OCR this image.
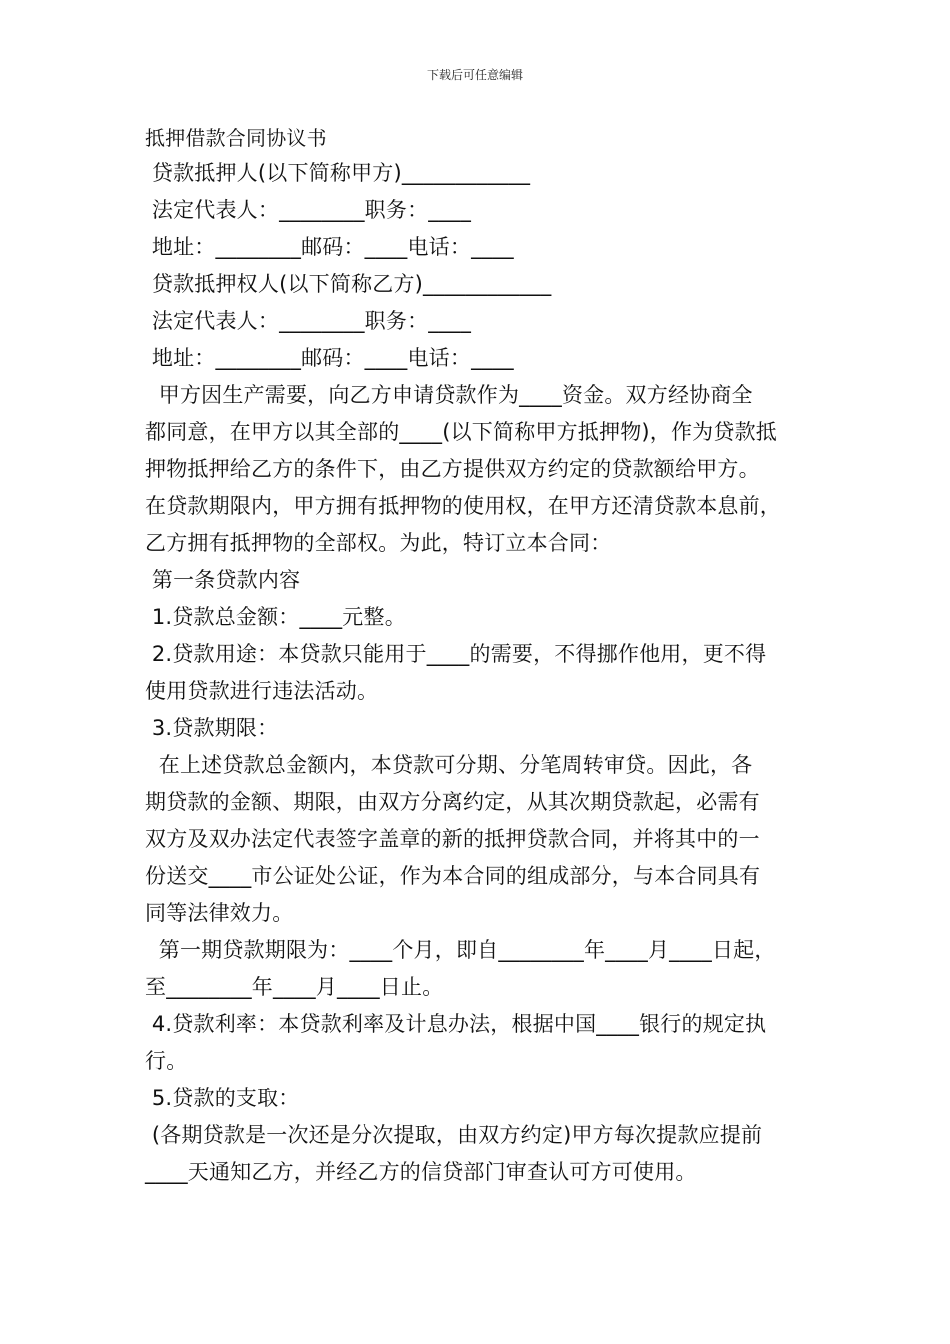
下载后可任意编辑
抵押借款合同协议书
贷款抵押人(以下简称甲方)____________
法定代表人：________职务：____
地址：________邮码：____电话：____
贷款抵押权人(以下简称乙方)____________
法定代表人：________职务：____
地址：________邮码：____电话：____
甲方因生产需要，向乙方申请贷款作为____资金。双方经协商全
都同意，在甲方以其全部的____(以下简称甲方抵押物)，作为贷款抵
押物抵押给乙方的条件下，由乙方提供双方约定的贷款额给甲方。
在贷款期限内，甲方拥有抵押物的使用权，在甲方还清贷款本息前，
乙方拥有抵押物的全部权。为此，特订立本合同：
第一条贷款内容
1.贷款总金额：____元整。
2.贷款用途：本贷款只能用于____的需要，不得挪作他用，更不得
使用贷款进行违法活动。
3.贷款期限：
在上述贷款总金额内，本贷款可分期、分笔周转审贷。因此，各
期贷款的金额、期限，由双方分离约定，从其次期贷款起，必需有
双方及双办法定代表签字盖章的新的抵押贷款合同，并将其中的一
份送交____市公证处公证，作为本合同的组成部分，与本合同具有
同等法律效力。
第一期贷款期限为：____个月，即自________年____月____日起，
至________年____月____日止。
4.贷款利率：本贷款利率及计息办法，根据中国____银行的规定执
行。
5.贷款的支取：
(各期贷款是一次还是分次提取，由双方约定)甲方每次提款应提前
____天通知乙方，并经乙方的信贷部门审查认可方可使用。
